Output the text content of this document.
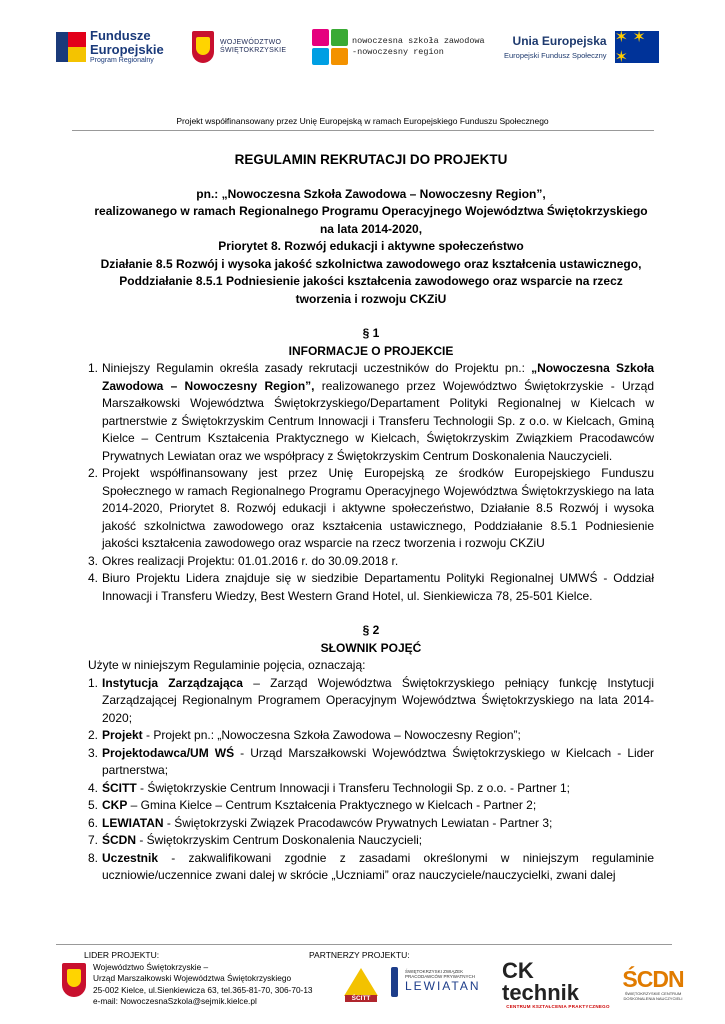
Fundusze
Europejskie
Program Regionalny
WOJEWÓDZTWO
ŚWIĘTOKRZYSKIE
nowoczesna szkoła zawodowa
-nowoczesny region
Unia Europejska
Europejski Fundusz Społeczny
✶ ✶ ✶
Projekt współfinansowany przez Unię Europejską w ramach Europejskiego Funduszu Społecznego
REGULAMIN REKRUTACJI DO PROJEKTU
pn.: „Nowoczesna Szkoła Zawodowa – Nowoczesny Region”,
realizowanego w ramach Regionalnego Programu Operacyjnego Województwa Świętokrzyskiego
na lata 2014-2020,
Priorytet 8. Rozwój edukacji i aktywne społeczeństwo
Działanie 8.5 Rozwój i wysoka jakość szkolnictwa zawodowego oraz kształcenia ustawicznego,
Poddziałanie 8.5.1 Podniesienie jakości kształcenia zawodowego oraz wsparcie na rzecz
tworzenia i rozwoju CKZiU
§ 1
INFORMACJE O PROJEKCIE
1. Niniejszy Regulamin określa zasady rekrutacji uczestników do Projektu pn.: „Nowoczesna Szkoła Zawodowa – Nowoczesny Region”, realizowanego przez Województwo Świętokrzyskie - Urząd Marszałkowski Województwa Świętokrzyskiego/Departament Polityki Regionalnej w Kielcach w partnerstwie z Świętokrzyskim Centrum Innowacji i Transferu Technologii Sp. z o.o. w Kielcach, Gminą Kielce – Centrum Kształcenia Praktycznego w Kielcach, Świętokrzyskim Związkiem Pracodawców Prywatnych Lewiatan oraz we współpracy z Świętokrzyskim Centrum Doskonalenia Nauczycieli.
2. Projekt współfinansowany jest przez Unię Europejską ze środków Europejskiego Funduszu Społecznego w ramach Regionalnego Programu Operacyjnego Województwa Świętokrzyskiego na lata 2014-2020, Priorytet 8. Rozwój edukacji i aktywne społeczeństwo, Działanie 8.5 Rozwój i wysoka jakość szkolnictwa zawodowego oraz kształcenia ustawicznego, Poddziałanie 8.5.1 Podniesienie jakości kształcenia zawodowego oraz wsparcie na rzecz tworzenia i rozwoju CKZiU
3. Okres realizacji Projektu: 01.01.2016 r. do 30.09.2018 r.
4. Biuro Projektu Lidera znajduje się w siedzibie Departamentu Polityki Regionalnej UMWŚ - Oddział Innowacji i Transferu Wiedzy, Best Western Grand Hotel, ul. Sienkiewicza 78, 25-501 Kielce.
§ 2
SŁOWNIK POJĘĆ

Użyte w niniejszym Regulaminie pojęcia, oznaczają:

1. Instytucja Zarządzająca – Zarząd Województwa Świętokrzyskiego pełniący funkcję Instytucji Zarządzającej Regionalnym Programem Operacyjnym Województwa Świętokrzyskiego na lata 2014-2020;
2. Projekt - Projekt pn.: „Nowoczesna Szkoła Zawodowa – Nowoczesny Region”;
3. Projektodawca/UM WŚ - Urząd Marszałkowski Województwa Świętokrzyskiego w Kielcach - Lider partnerstwa;
4. ŚCITT - Świętokrzyskie Centrum Innowacji i Transferu Technologii Sp. z o.o. - Partner 1;
5. CKP – Gmina Kielce – Centrum Kształcenia Praktycznego w Kielcach - Partner 2;
6. LEWIATAN - Świętokrzyski Związek Pracodawców Prywatnych Lewiatan - Partner 3;
7. ŚCDN - Świętokrzyskim Centrum Doskonalenia Nauczycieli;
8. Uczestnik - zakwalifikowani zgodnie z zasadami określonymi w niniejszym regulaminie uczniowie/uczennice zwani dalej w skrócie „Uczniami” oraz nauczyciele/nauczycielki, zwani dalej
LIDER PROJEKTU:	PARTNERZY PROJEKTU:
Województwo Świętokrzyskie –
Urząd Marszałkowski Województwa Świętokrzyskiego
25-002 Kielce, ul.Sienkiewicza 63, tel.365-81-70, 306-70-13
e-mail: NowoczesnaSzkola@sejmik.kielce.pl	ŚCITT
ŚWIĘTOKRZYSKI ZWIĄZEK PRACODAWCÓW PRYWATNYCH
LEWIATAN
CK technik
CENTRUM KSZTAŁCENIA PRAKTYCZNEGO
ŚCDN
ŚWIĘTOKRZYSKIE CENTRUM DOSKONALENIA NAUCZYCIELI
